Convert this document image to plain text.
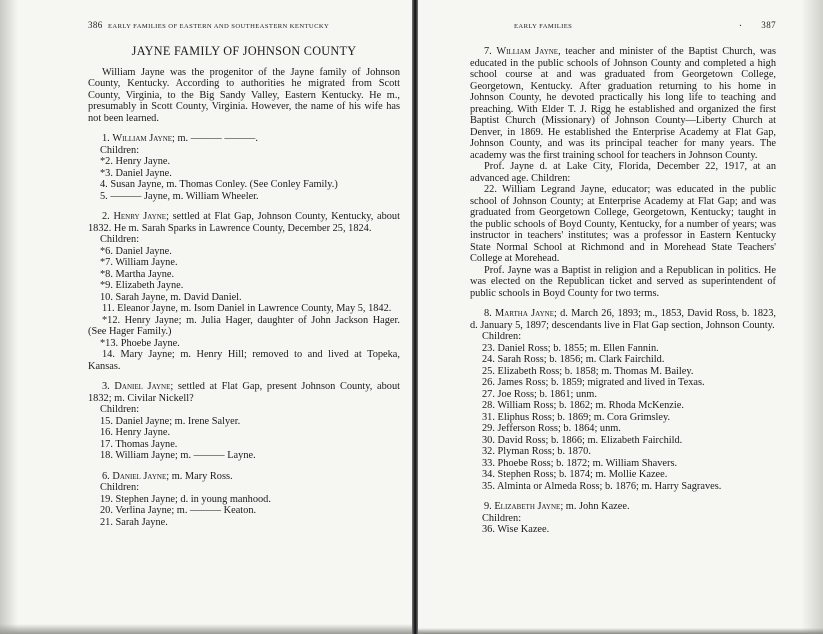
386 EARLY FAMILIES OF EASTERN AND SOUTHEASTERN KENTUCKY
JAYNE FAMILY OF JOHNSON COUNTY

William Jayne was the progenitor of the Jayne family of Johnson County, Kentucky. According to authorities he migrated from Scott County, Virginia, to the Big Sandy Valley, Eastern Kentucky. He m., presumably in Scott County, Virginia. However, the name of his wife has not been learned.

1. William Jayne; m. ——— ———.

Children:
*2. Henry Jayne.
*3. Daniel Jayne.
4. Susan Jayne, m. Thomas Conley. (See Conley Family.)
5. ——— Jayne, m. William Wheeler.

2. Henry Jayne; settled at Flat Gap, Johnson County, Kentucky, about 1832. He m. Sarah Sparks in Lawrence County, December 25, 1824.

Children:
*6. Daniel Jayne.
*7. William Jayne.
*8. Martha Jayne.
*9. Elizabeth Jayne.
10. Sarah Jayne, m. David Daniel.

11. Eleanor Jayne, m. Isom Daniel in Lawrence County, May 5, 1842.

*12. Henry Jayne; m. Julia Hager, daughter of John Jackson Hager. (See Hager Family.)

*13. Phoebe Jayne.

14. Mary Jayne; m. Henry Hill; removed to and lived at Topeka, Kansas.

3. Daniel Jayne; settled at Flat Gap, present Johnson County, about 1832; m. Civilar Nickell?

Children:
15. Daniel Jayne; m. Irene Salyer.
16. Henry Jayne.
17. Thomas Jayne.
18. William Jayne; m. ——— Layne.

6. Daniel Jayne; m. Mary Ross.

Children:
19. Stephen Jayne; d. in young manhood.
20. Verlina Jayne; m. ——— Keaton.
21. Sarah Jayne.
EARLY FAMILIES	. 387

7. William Jayne, teacher and minister of the Baptist Church, was educated in the public schools of Johnson County and completed a high school course at and was graduated from Georgetown College, Georgetown, Kentucky. After graduation returning to his home in Johnson County, he devoted practically his long life to teaching and preaching. With Elder T. J. Rigg he established and organized the first Baptist Church (Missionary) of Johnson County—Liberty Church at Denver, in 1869. He established the Enterprise Academy at Flat Gap, Johnson County, and was its principal teacher for many years. The academy was the first training school for teachers in Johnson County.

Prof. Jayne d. at Lake City, Florida, December 22, 1917, at an advanced age. Children:

22. William Legrand Jayne, educator; was educated in the public school of Johnson County; at Enterprise Academy at Flat Gap; and was graduated from Georgetown College, Georgetown, Kentucky; taught in the public schools of Boyd County, Kentucky, for a number of years; was instructor in teachers' institutes; was a professor in Eastern Kentucky State Normal School at Richmond and in Morehead State Teachers' College at Morehead.

Prof. Jayne was a Baptist in religion and a Republican in politics. He was elected on the Republican ticket and served as superintendent of public schools in Boyd County for two terms.

8. Martha Jayne; d. March 26, 1893; m., 1853, David Ross, b. 1823, d. January 5, 1897; descendants live in Flat Gap section, Johnson County.

Children:
23. Daniel Ross; b. 1855; m. Ellen Fannin.
24. Sarah Ross; b. 1856; m. Clark Fairchild.
25. Elizabeth Ross; b. 1858; m. Thomas M. Bailey.
26. James Ross; b. 1859; migrated and lived in Texas.
27. Joe Ross; b. 1861; unm.
28. William Ross; b. 1862; m. Rhoda McKenzie.
31. Eliphus Ross; b. 1869; m. Cora Grimsley.
29. Jefferson Ross; b. 1864; unm.
30. David Ross; b. 1866; m. Elizabeth Fairchild.
32. Plyman Ross; b. 1870.
33. Phoebe Ross; b. 1872; m. William Shavers.
34. Stephen Ross; b. 1874; m. Mollie Kazee.
35. Alminta or Almeda Ross; b. 1876; m. Harry Sagraves.

9. Elizabeth Jayne; m. John Kazee.

Children:
36. Wise Kazee.
